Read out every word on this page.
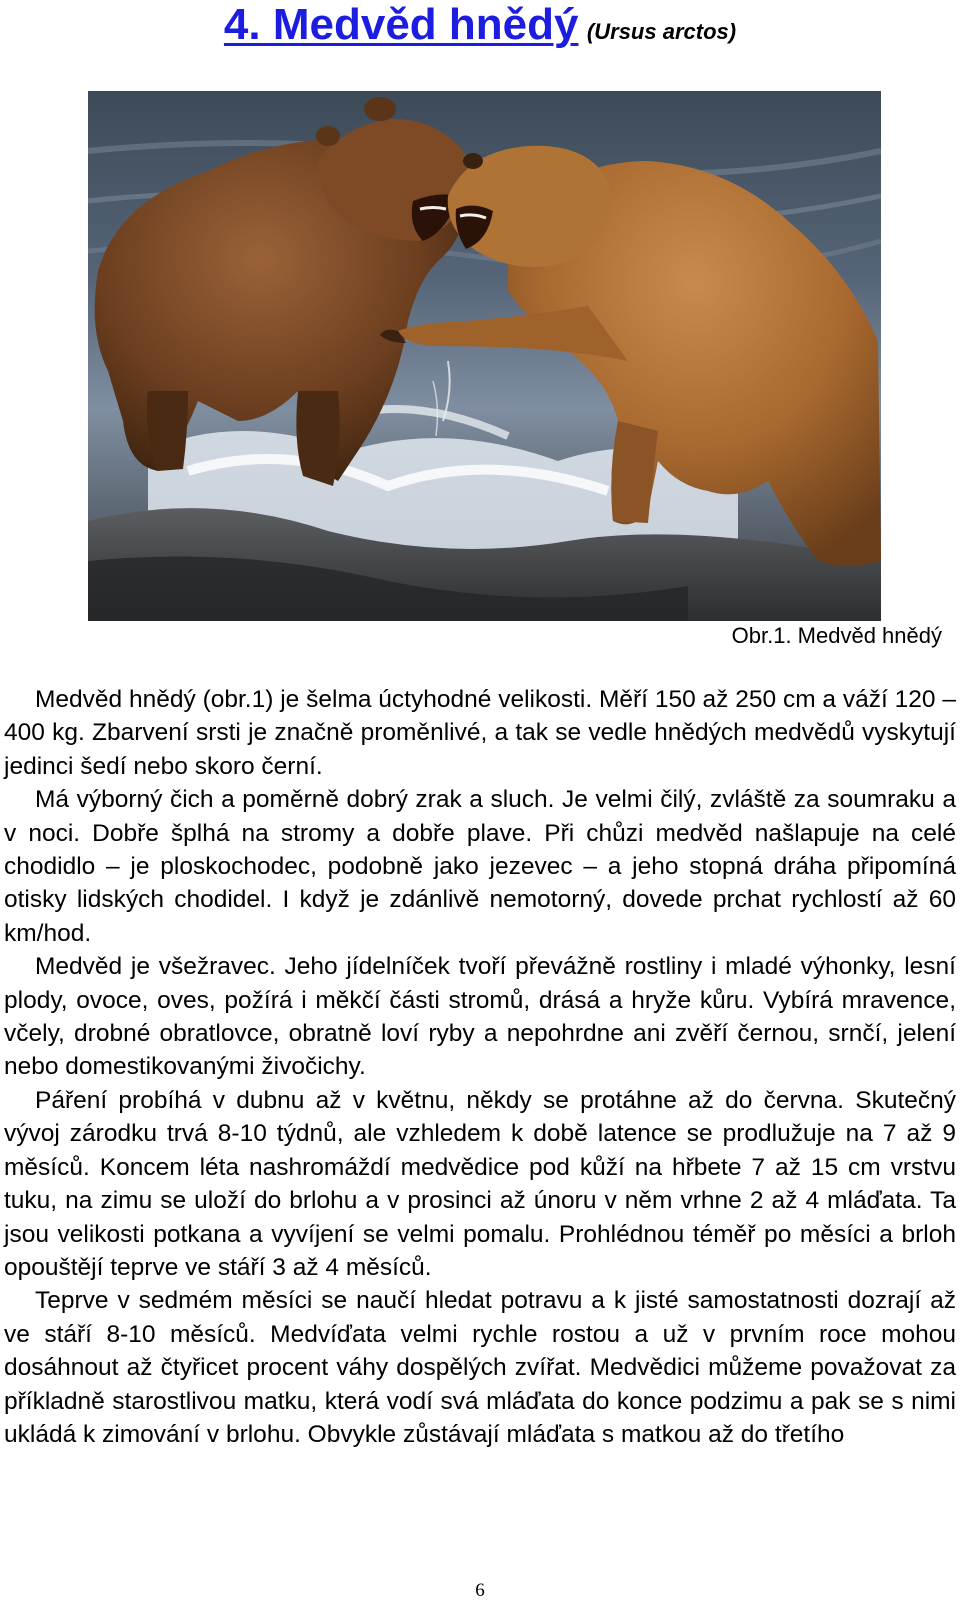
4. Medvěd hnědý (Ursus arctos)
Obr.1. Medvěd hnědý

Medvěd hnědý (obr.1) je šelma úctyhodné velikosti. Měří 150 až 250 cm a váží 120 – 400 kg. Zbarvení srsti je značně proměnlivé, a tak se vedle hnědých medvědů vyskytují jedinci šedí nebo skoro černí.

Má výborný čich a poměrně dobrý zrak a sluch. Je velmi čilý, zvláště za soumraku a v noci. Dobře šplhá na stromy a dobře plave. Při chůzi medvěd našlapuje na celé chodidlo – je ploskochodec, podobně jako jezevec – a jeho stopná dráha připomíná otisky lidských chodidel. I když je zdánlivě nemotorný, dovede prchat rychlostí až 60 km/hod.

Medvěd je všežravec. Jeho jídelníček tvoří převážně rostliny i mladé výhonky, lesní plody, ovoce, oves, požírá i měkčí části stromů, drásá a hryže kůru. Vybírá mravence, včely, drobné obratlovce, obratně loví ryby a nepohrdne ani zvěří černou, srnčí, jelení nebo domestikovanými živočichy.

Páření probíhá v dubnu až v květnu, někdy se protáhne až do června. Skutečný vývoj zárodku trvá 8-10 týdnů, ale vzhledem k době latence se prodlužuje na 7 až 9 měsíců. Koncem léta nashromáždí medvědice pod kůží na hřbete 7 až 15 cm vrstvu tuku, na zimu se uloží do brlohu a v prosinci až únoru v něm vrhne 2 až 4 mláďata. Ta jsou velikosti potkana a vyvíjení se velmi pomalu. Prohlédnou téměř po měsíci a brloh opouštějí teprve ve stáří 3 až 4 měsíců.

Teprve v sedmém měsíci se naučí hledat potravu a k jisté samostatnosti dozrají až ve stáří 8-10 měsíců. Medvíďata velmi rychle rostou a už v prvním roce mohou dosáhnout až čtyřicet procent váhy dospělých zvířat. Medvědici můžeme považovat za příkladně starostlivou matku, která vodí svá mláďata do konce podzimu a pak se s nimi ukládá k zimování v brlohu. Obvykle zůstávají mláďata s matkou až do třetího

6
